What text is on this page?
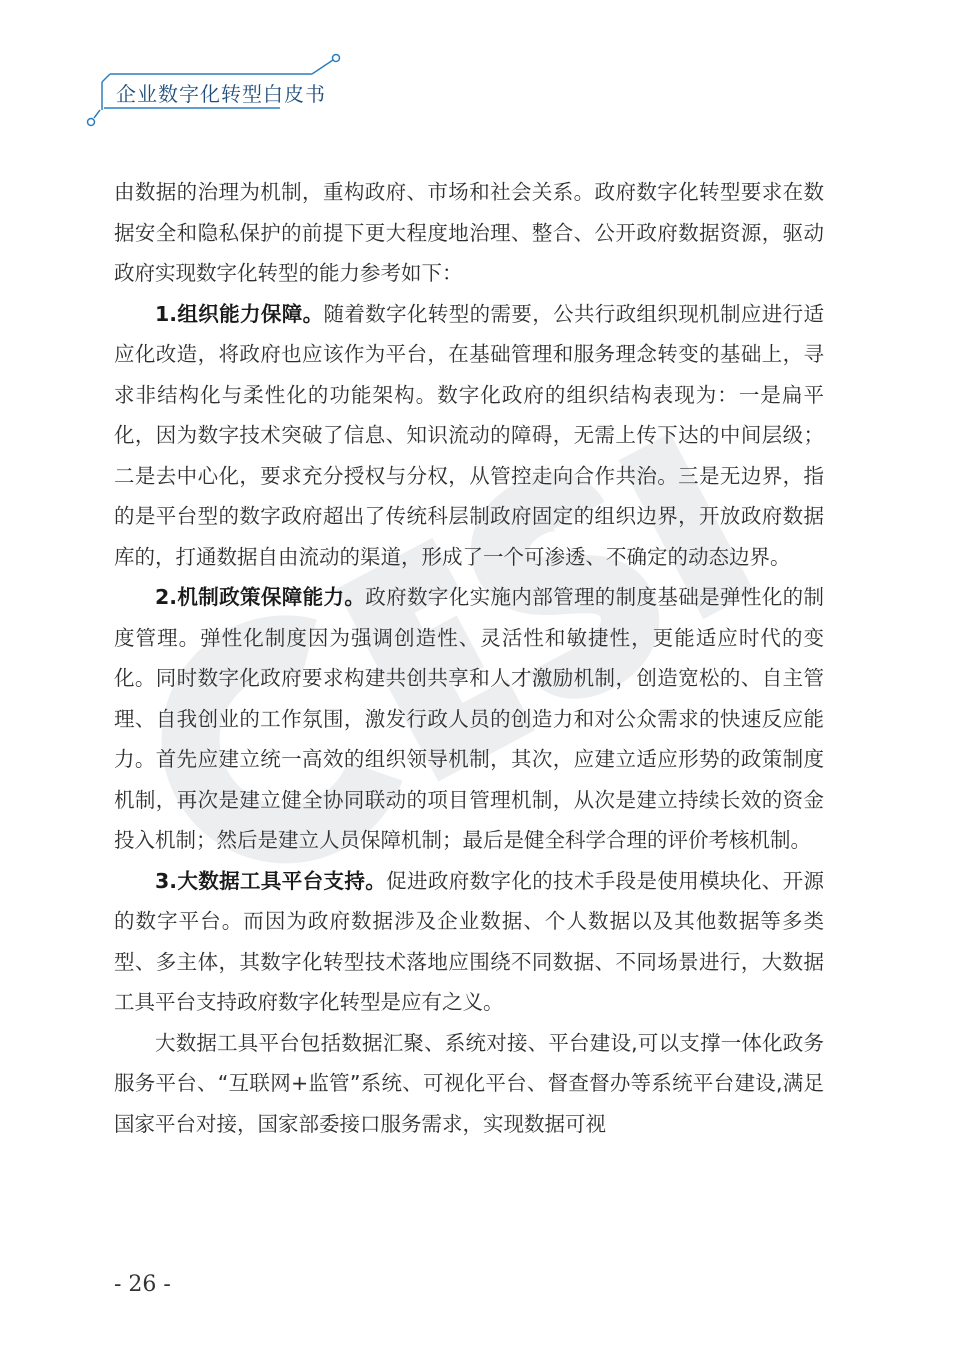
企业数字化转型白皮书

由数据的治理为机制，重构政府、市场和社会关系。政府数字化转型要求在数据安全和隐私保护的前提下更大程度地治理、整合、公开政府数据资源，驱动政府实现数字化转型的能力参考如下：

1.组织能力保障。随着数字化转型的需要，公共行政组织现机制应进行适应化改造，将政府也应该作为平台，在基础管理和服务理念转变的基础上，寻求非结构化与柔性化的功能架构。数字化政府的组织结构表现为：一是扁平化，因为数字技术突破了信息、知识流动的障碍，无需上传下达的中间层级；二是去中心化，要求充分授权与分权，从管控走向合作共治。三是无边界，指的是平台型的数字政府超出了传统科层制政府固定的组织边界，开放政府数据库的，打通数据自由流动的渠道，形成了一个可渗透、不确定的动态边界。

2.机制政策保障能力。政府数字化实施内部管理的制度基础是弹性化的制度管理。弹性化制度因为强调创造性、灵活性和敏捷性，更能适应时代的变化。同时数字化政府要求构建共创共享和人才激励机制，创造宽松的、自主管理、自我创业的工作氛围，激发行政人员的创造力和对公众需求的快速反应能力。首先应建立统一高效的组织领导机制，其次，应建立适应形势的政策制度机制，再次是建立健全协同联动的项目管理机制，从次是建立持续长效的资金投入机制；然后是建立人员保障机制；最后是健全科学合理的评价考核机制。

3.大数据工具平台支持。促进政府数字化的技术手段是使用模块化、开源的数字平台。而因为政府数据涉及企业数据、个人数据以及其他数据等多类型、多主体，其数字化转型技术落地应围绕不同数据、不同场景进行，大数据工具平台支持政府数字化转型是应有之义。

大数据工具平台包括数据汇聚、系统对接、平台建设,可以支撑一体化政务服务平台、“互联网+监管”系统、可视化平台、督查督办等系统平台建设,满足国家平台对接，国家部委接口服务需求，实现数据可视

- 26 -
